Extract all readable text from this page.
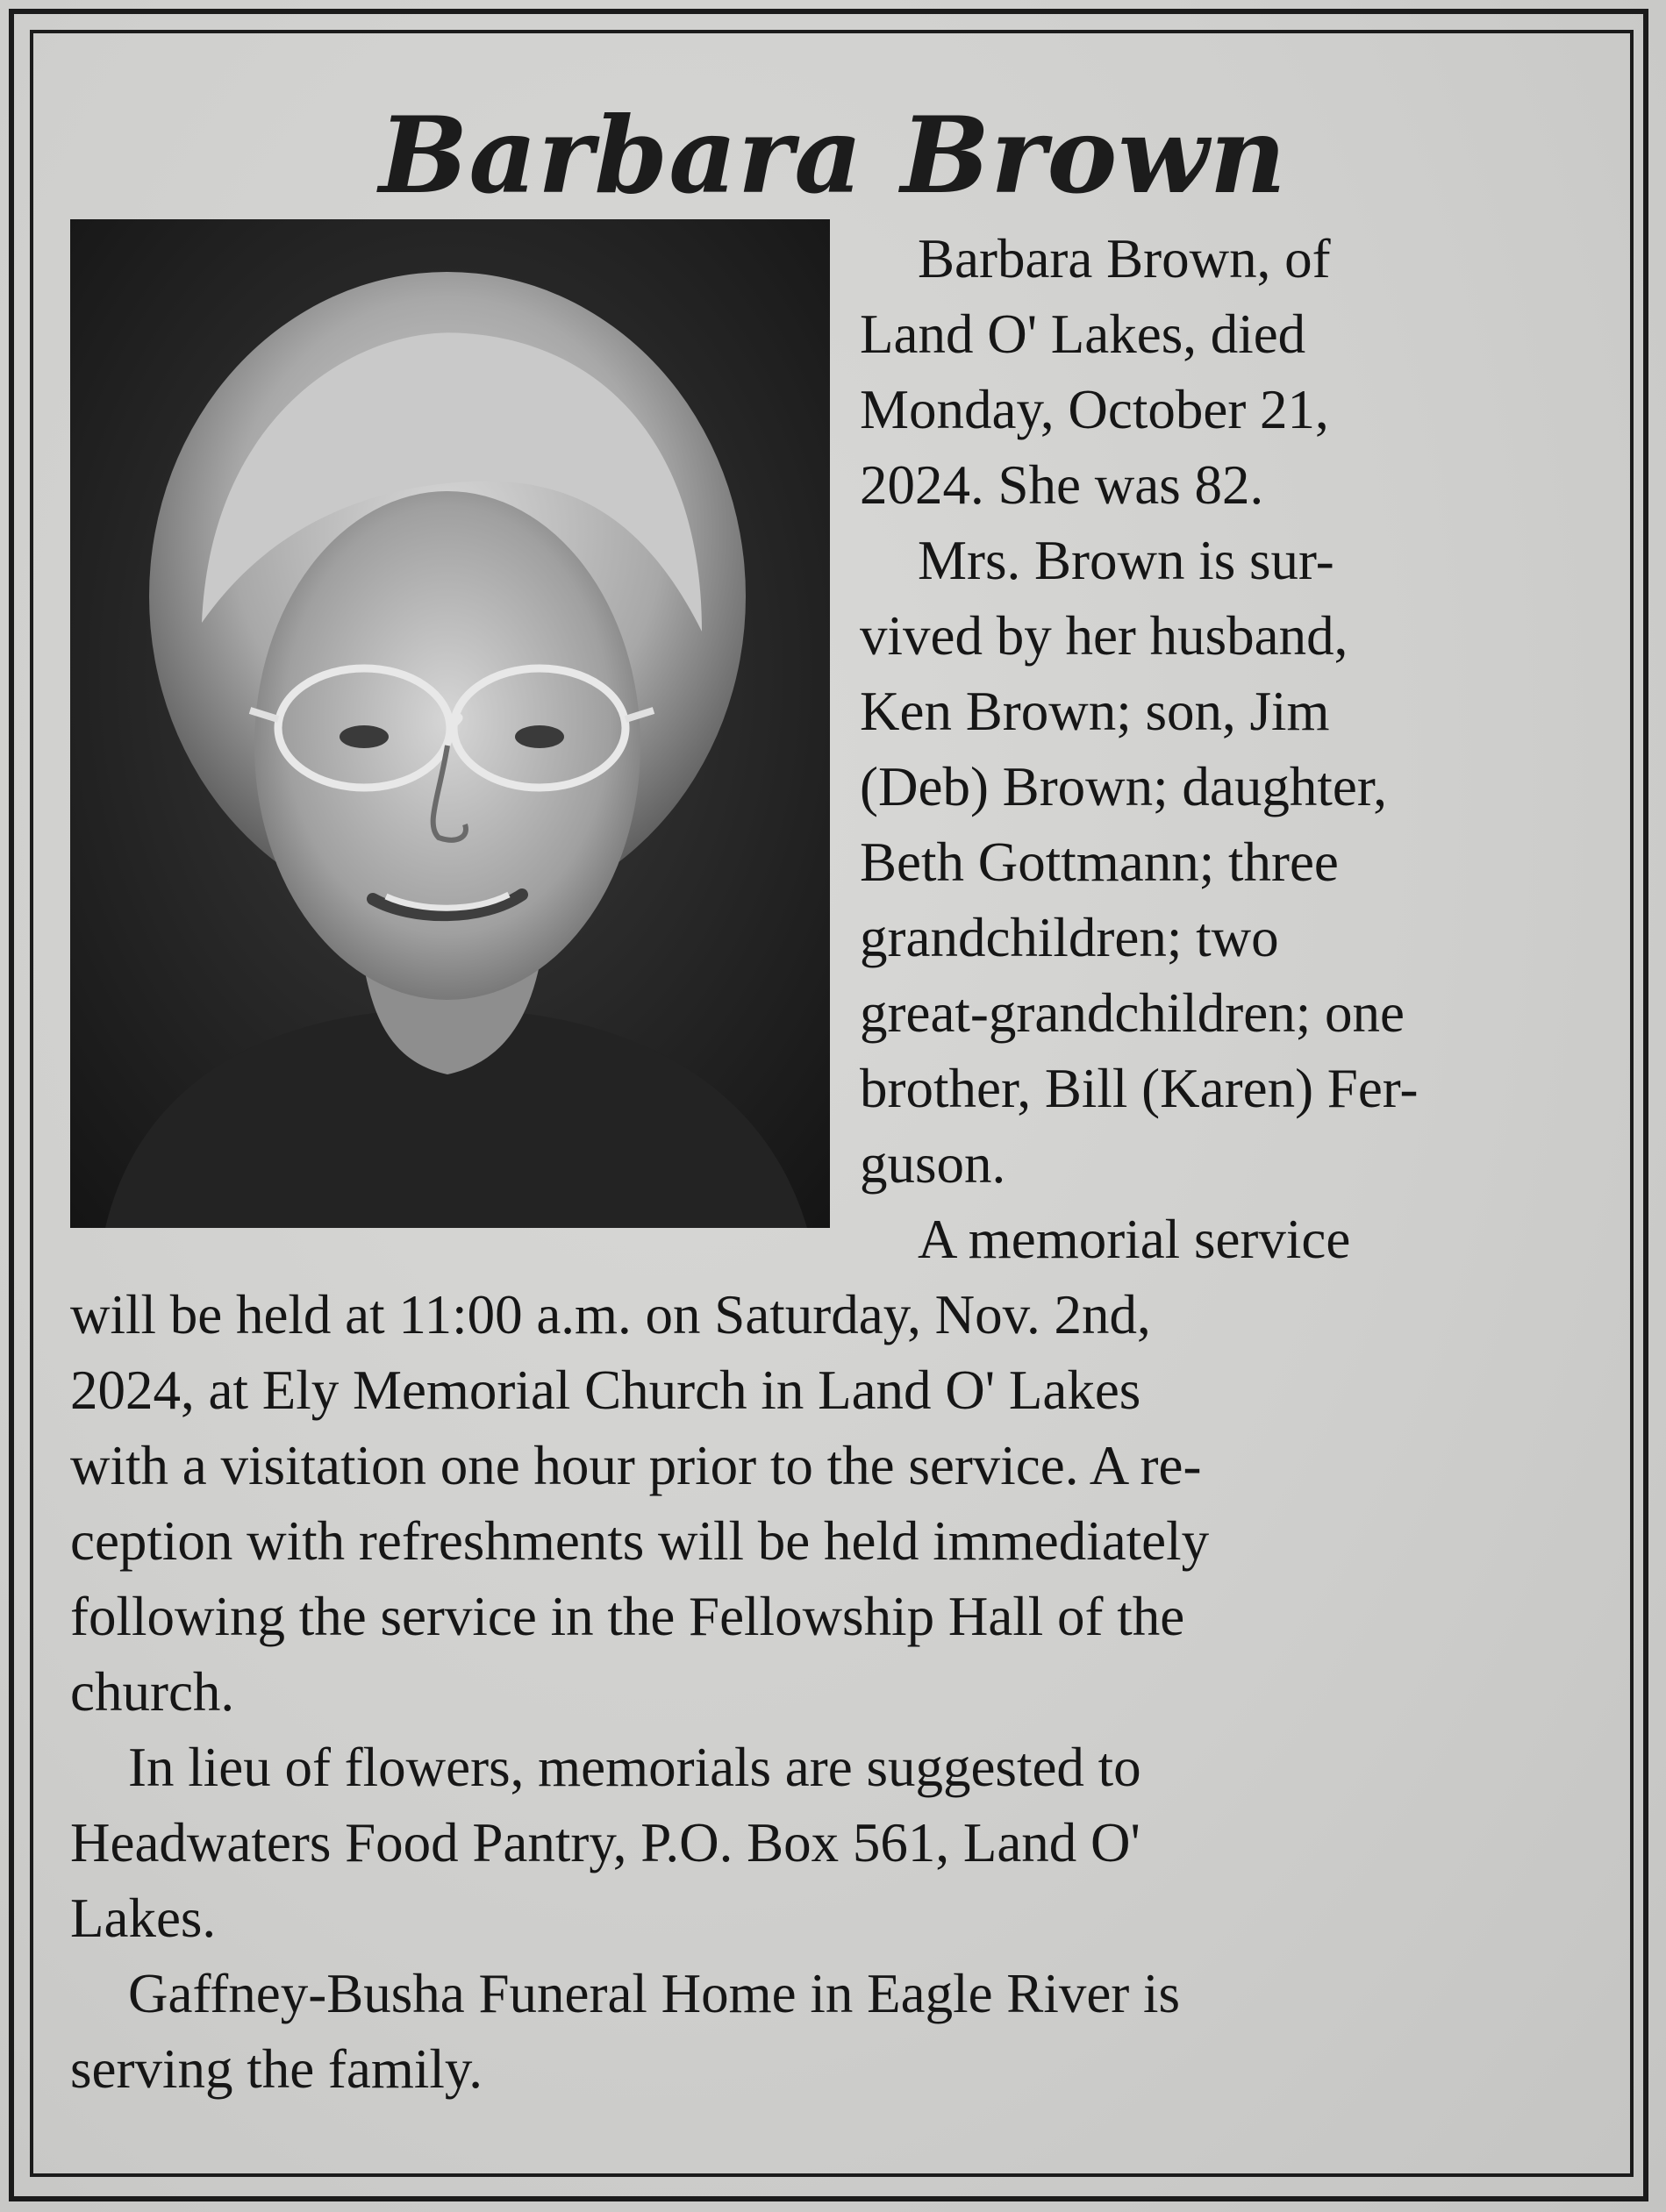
Barbara Brown
Barbara Brown, of
Land O' Lakes, died
Monday, October 21,
2024. She was 82.
Mrs. Brown is sur-
vived by her husband,
Ken Brown; son, Jim
(Deb) Brown; daughter,
Beth Gottmann; three
grandchildren; two
great-grandchildren; one
brother, Bill (Karen) Fer-
guson.
A memorial service
will be held at 11:00 a.m. on Saturday, Nov. 2nd,
2024, at Ely Memorial Church in Land O' Lakes
with a visitation one hour prior to the service. A re-
ception with refreshments will be held immediately
following the service in the Fellowship Hall of the
church.
In lieu of flowers, memorials are suggested to
Headwaters Food Pantry, P.O. Box 561, Land O'
Lakes.
Gaffney-Busha Funeral Home in Eagle River is
serving the family.
